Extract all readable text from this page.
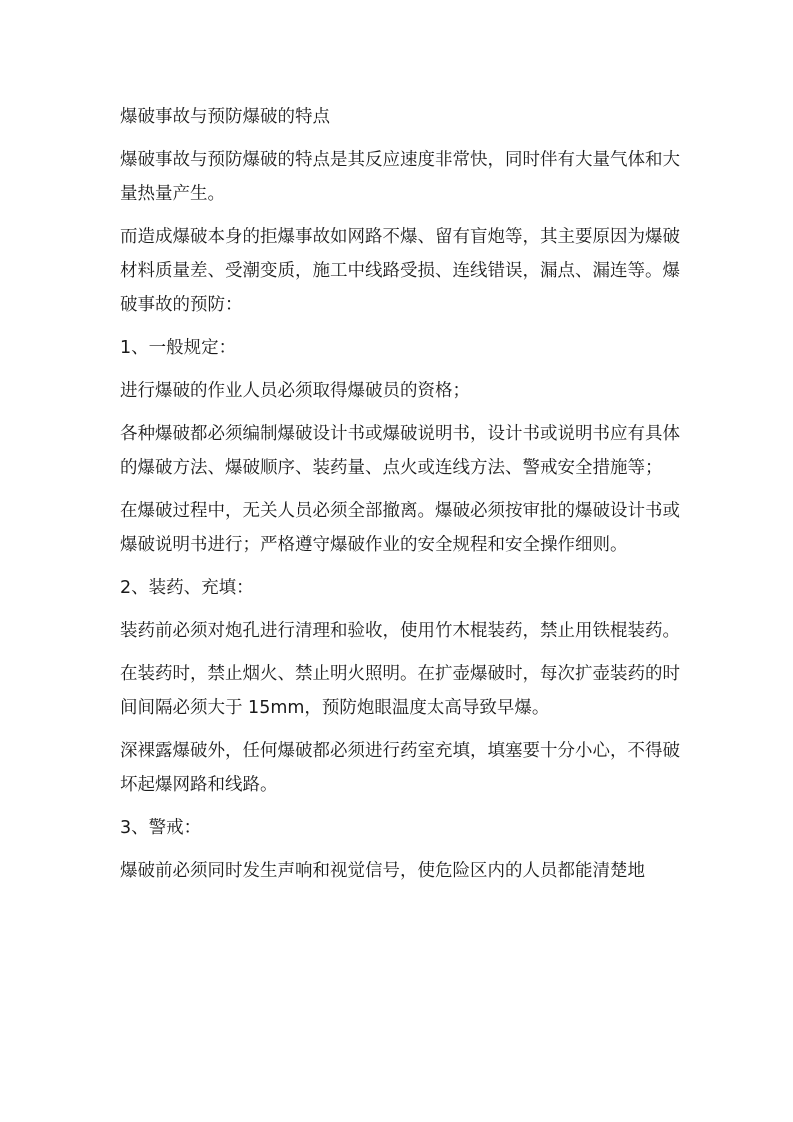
爆破事故与预防爆破的特点

爆破事故与预防爆破的特点是其反应速度非常快，同时伴有大量气体和大量热量产生。

而造成爆破本身的拒爆事故如网路不爆、留有盲炮等，其主要原因为爆破材料质量差、受潮变质，施工中线路受损、连线错误，漏点、漏连等。爆破事故的预防：

1、一般规定：

进行爆破的作业人员必须取得爆破员的资格；

各种爆破都必须编制爆破设计书或爆破说明书，设计书或说明书应有具体的爆破方法、爆破顺序、装药量、点火或连线方法、警戒安全措施等；

在爆破过程中，无关人员必须全部撤离。爆破必须按审批的爆破设计书或爆破说明书进行；严格遵守爆破作业的安全规程和安全操作细则。

2、装药、充填：

装药前必须对炮孔进行清理和验收，使用竹木棍装药，禁止用铁棍装药。

在装药时，禁止烟火、禁止明火照明。在扩壶爆破时，每次扩壶装药的时间间隔必须大于 15mm，预防炮眼温度太高导致早爆。

深裸露爆破外，任何爆破都必须进行药室充填，填塞要十分小心，不得破坏起爆网路和线路。

3、警戒：

爆破前必须同时发生声响和视觉信号，使危险区内的人员都能清楚地
